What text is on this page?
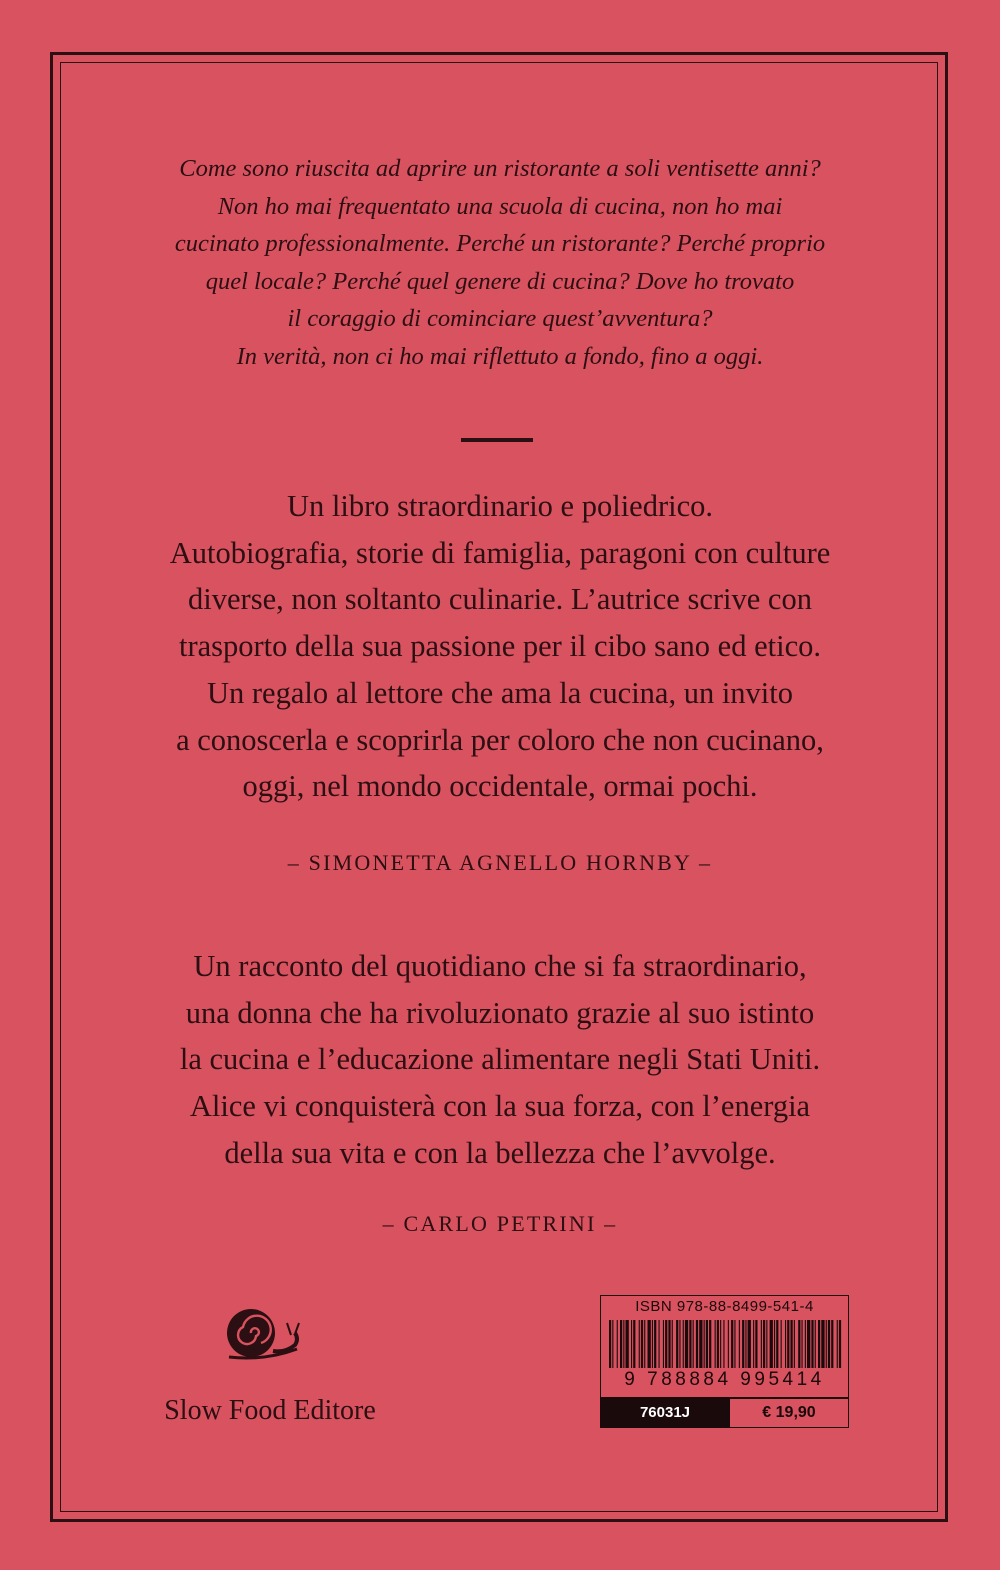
Come sono riuscita ad aprire un ristorante a soli ventisette anni?
Non ho mai frequentato una scuola di cucina, non ho mai
cucinato professionalmente. Perché un ristorante? Perché proprio
quel locale? Perché quel genere di cucina? Dove ho trovato
il coraggio di cominciare quest’avventura?
In verità, non ci ho mai riflettuto a fondo, fino a oggi.

Un libro straordinario e poliedrico.
Autobiografia, storie di famiglia, paragoni con culture
diverse, non soltanto culinarie. L’autrice scrive con
trasporto della sua passione per il cibo sano ed etico.
Un regalo al lettore che ama la cucina, un invito
a conoscerla e scoprirla per coloro che non cucinano,
oggi, nel mondo occidentale, ormai pochi.

– SIMONETTA AGNELLO HORNBY –

Un racconto del quotidiano che si fa straordinario,
una donna che ha rivoluzionato grazie al suo istinto
la cucina e l’educazione alimentare negli Stati Uniti.
Alice vi conquisterà con la sua forza, con l’energia
della sua vita e con la bellezza che l’avvolge.

– CARLO PETRINI –
Slow Food Editore
ISBN 978-88-8499-541-4
9 788884 995414
76031J	€ 19,90
